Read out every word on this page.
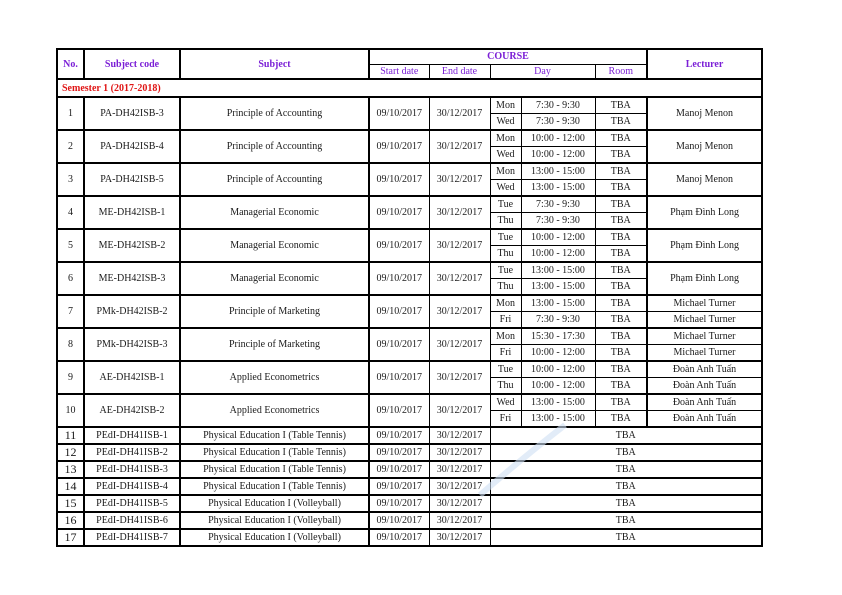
No.	Subject code	Subject	COURSE					Lecturer
			Start date	End date	Day		Room	
Semester 1 (2017-2018)								
1	PA-DH42ISB-3	Principle of Accounting	09/10/2017	30/12/2017	Mon	7:30 - 9:30	TBA	Manoj Menon
					Wed	7:30 - 9:30	TBA	
2	PA-DH42ISB-4	Principle of Accounting	09/10/2017	30/12/2017	Mon	10:00 - 12:00	TBA	Manoj Menon
					Wed	10:00 - 12:00	TBA	
3	PA-DH42ISB-5	Principle of Accounting	09/10/2017	30/12/2017	Mon	13:00 - 15:00	TBA	Manoj Menon
					Wed	13:00 - 15:00	TBA	
4	ME-DH42ISB-1	Managerial Economic	09/10/2017	30/12/2017	Tue	7:30 - 9:30	TBA	Phạm Đình Long
					Thu	7:30 - 9:30	TBA	
5	ME-DH42ISB-2	Managerial Economic	09/10/2017	30/12/2017	Tue	10:00 - 12:00	TBA	Phạm Đình Long
					Thu	10:00 - 12:00	TBA	
6	ME-DH42ISB-3	Managerial Economic	09/10/2017	30/12/2017	Tue	13:00 - 15:00	TBA	Phạm Đình Long
					Thu	13:00 - 15:00	TBA	
7	PMk-DH42ISB-2	Principle of Marketing	09/10/2017	30/12/2017	Mon	13:00 - 15:00	TBA	Michael Turner
					Fri	7:30 - 9:30	TBA	Michael Turner
8	PMk-DH42ISB-3	Principle of Marketing	09/10/2017	30/12/2017	Mon	15:30 - 17:30	TBA	Michael Turner
					Fri	10:00 - 12:00	TBA	Michael Turner
9	AE-DH42ISB-1	Applied Econometrics	09/10/2017	30/12/2017	Tue	10:00 - 12:00	TBA	Đoàn Anh Tuấn
					Thu	10:00 - 12:00	TBA	Đoàn Anh Tuấn
10	AE-DH42ISB-2	Applied Econometrics	09/10/2017	30/12/2017	Wed	13:00 - 15:00	TBA	Đoàn Anh Tuấn
					Fri	13:00 - 15:00	TBA	Đoàn Anh Tuấn
11	PEdI-DH41ISB-1	Physical Education I (Table Tennis)	09/10/2017	30/12/2017	TBA			
12	PEdI-DH41ISB-2	Physical Education I (Table Tennis)	09/10/2017	30/12/2017	TBA			
13	PEdI-DH41ISB-3	Physical Education I (Table Tennis)	09/10/2017	30/12/2017	TBA			
14	PEdI-DH41ISB-4	Physical Education I (Table Tennis)	09/10/2017	30/12/2017	TBA			
15	PEdI-DH41ISB-5	Physical Education I (Volleyball)	09/10/2017	30/12/2017	TBA			
16	PEdI-DH41ISB-6	Physical Education I (Volleyball)	09/10/2017	30/12/2017	TBA			
17	PEdI-DH41ISB-7	Physical Education I (Volleyball)	09/10/2017	30/12/2017	TBA			
